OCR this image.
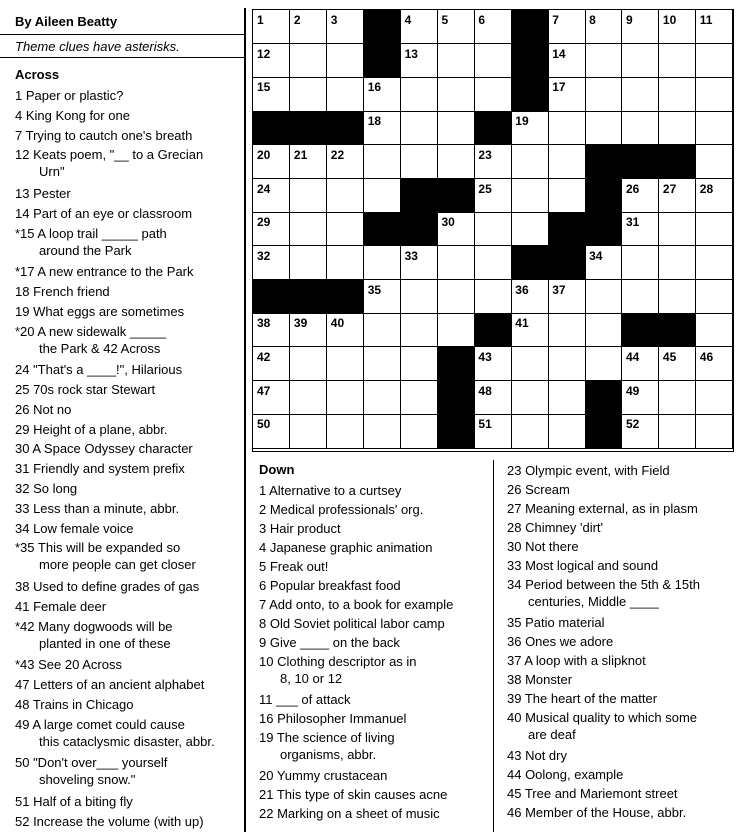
By Aileen Beatty
Theme clues have asterisks.
Across
1 Paper or plastic?
4 King Kong for one
7 Trying to cautch one's breath
12 Keats poem, "__ to a Grecian
Urn"
13 Pester
14 Part of an eye or classroom
*15 A loop trail _____ path
around the Park
*17 A new entrance to the Park
18 French friend
19 What eggs are sometimes
*20 A new sidewalk _____
the Park & 42 Across
24 "That's a ____!", Hilarious
25 70s rock star Stewart
26 Not no
29 Height of a plane, abbr.
30 A Space Odyssey character
31 Friendly and system prefix
32 So long
33 Less than a minute, abbr.
34 Low female voice
*35 This will be expanded so
more people can get closer
38 Used to define grades of gas
41 Female deer
*42 Many dogwoods will be
planted in one of these
*43 See 20 Across
47 Letters of an ancient alphabet
48 Trains in Chicago
49 A large comet could cause
this cataclysmic disaster, abbr.
50 "Don't over___ yourself
shoveling snow."
51 Half of a biting fly
52 Increase the volume (with up)
1	2	3	4	5	6	7	8	9	10 11
12	13	14
15	16	17
18	19
20 21 22	23
24	25	26 27 28
29	30	31
32	33	34
35	36 37
38 39 40	41
42	43	44 45 46
47	48	49
50	51	52
Down
1 Alternative to a curtsey
2 Medical professionals' org.
3 Hair product
4 Japanese graphic animation
5 Freak out!
6 Popular breakfast food
7 Add onto, to a book for example
8 Old Soviet political labor camp
9 Give ____ on the back
10 Clothing descriptor as in
8, 10 or 12
11 ___ of attack
16 Philosopher Immanuel
19 The science of living
organisms, abbr.
20 Yummy crustacean
21 This type of skin causes acne
22 Marking on a sheet of music
23 Olympic event, with Field
26 Scream
27 Meaning external, as in plasm
28 Chimney 'dirt'
30 Not there
33 Most logical and sound
34 Period between the 5th & 15th
centuries, Middle ____
35 Patio material
36 Ones we adore
37 A loop with a slipknot
38 Monster
39 The heart of the matter
40 Musical quality to which some
are deaf
43 Not dry
44 Oolong, example
45 Tree and Mariemont street
46 Member of the House, abbr.
